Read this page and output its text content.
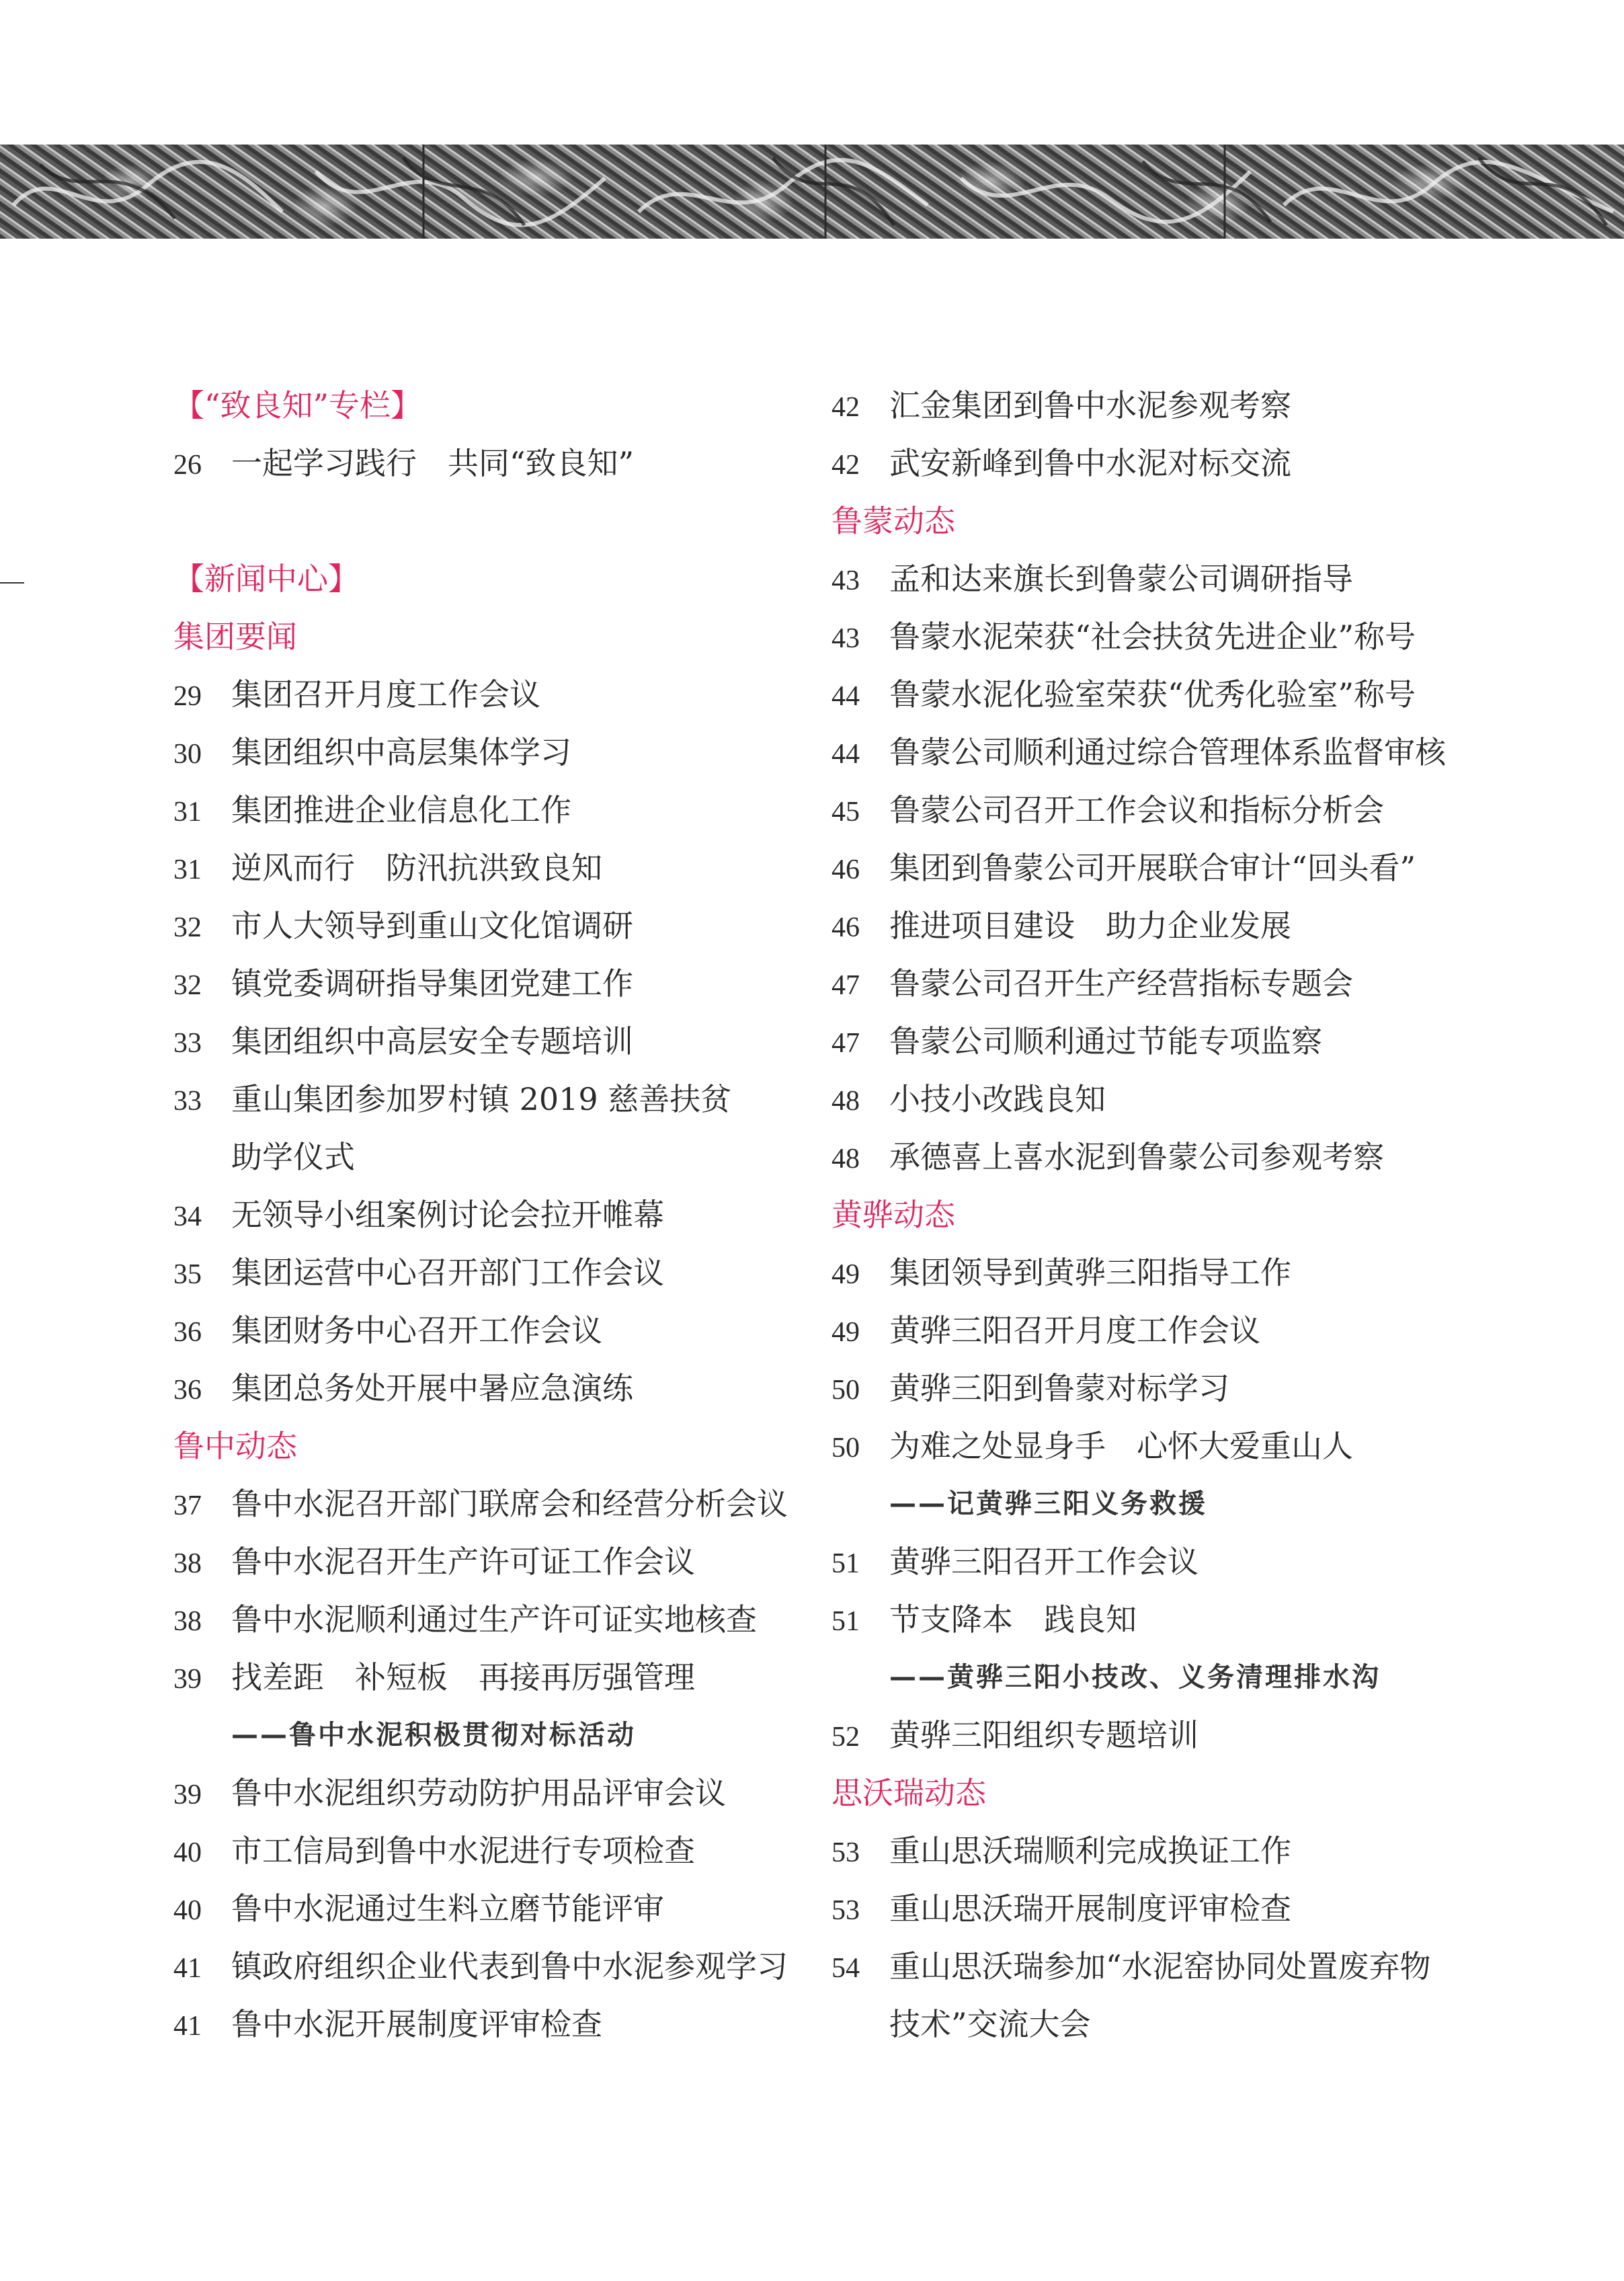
【“致良知”专栏】
26 一起学习践行　共同“致良知”
【新闻中心】
集团要闻
29 集团召开月度工作会议
30 集团组织中高层集体学习
31 集团推进企业信息化工作
31 逆风而行　防汛抗洪致良知
32 市人大领导到重山文化馆调研
32 镇党委调研指导集团党建工作
33 集团组织中高层安全专题培训
33 重山集团参加罗村镇 2019 慈善扶贫
助学仪式
34 无领导小组案例讨论会拉开帷幕
35 集团运营中心召开部门工作会议
36 集团财务中心召开工作会议
36 集团总务处开展中暑应急演练
鲁中动态
37 鲁中水泥召开部门联席会和经营分析会议
38 鲁中水泥召开生产许可证工作会议
38 鲁中水泥顺利通过生产许可证实地核查
39 找差距　补短板　再接再厉强管理
——鲁中水泥积极贯彻对标活动
39 鲁中水泥组织劳动防护用品评审会议
40 市工信局到鲁中水泥进行专项检查
40 鲁中水泥通过生料立磨节能评审
41 镇政府组织企业代表到鲁中水泥参观学习
41 鲁中水泥开展制度评审检查
42 汇金集团到鲁中水泥参观考察
42 武安新峰到鲁中水泥对标交流
鲁蒙动态
43 孟和达来旗长到鲁蒙公司调研指导
43 鲁蒙水泥荣获“社会扶贫先进企业”称号
44 鲁蒙水泥化验室荣获“优秀化验室”称号
44 鲁蒙公司顺利通过综合管理体系监督审核
45 鲁蒙公司召开工作会议和指标分析会
46 集团到鲁蒙公司开展联合审计“回头看”
46 推进项目建设　助力企业发展
47 鲁蒙公司召开生产经营指标专题会
47 鲁蒙公司顺利通过节能专项监察
48 小技小改践良知
48 承德喜上喜水泥到鲁蒙公司参观考察
黄骅动态
49 集团领导到黄骅三阳指导工作
49 黄骅三阳召开月度工作会议
50 黄骅三阳到鲁蒙对标学习
50 为难之处显身手　心怀大爱重山人
——记黄骅三阳义务救援
51 黄骅三阳召开工作会议
51 节支降本　践良知
——黄骅三阳小技改、义务清理排水沟
52 黄骅三阳组织专题培训
思沃瑞动态
53 重山思沃瑞顺利完成换证工作
53 重山思沃瑞开展制度评审检查
54 重山思沃瑞参加“水泥窑协同处置废弃物
技术”交流大会
